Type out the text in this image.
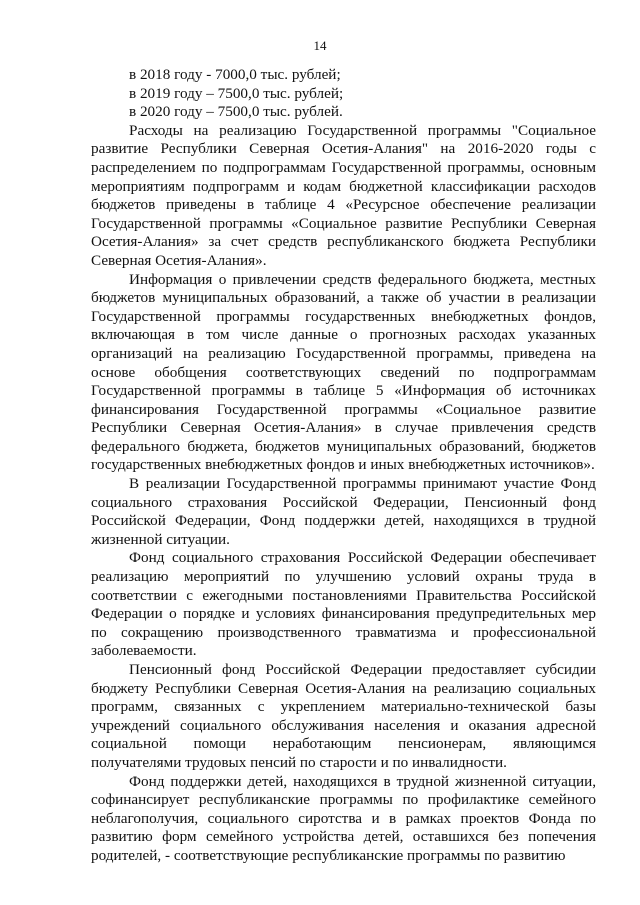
14

в 2018 году - 7000,0 тыс. рублей;

в 2019 году – 7500,0 тыс. рублей;

в 2020 году – 7500,0 тыс. рублей.

Расходы на реализацию Государственной программы "Социальное развитие Республики Северная Осетия-Алания" на 2016-2020 годы с распределением по подпрограммам Государственной программы, основным мероприятиям подпрограмм и кодам бюджетной классификации расходов бюджетов приведены в таблице 4 «Ресурсное обеспечение реализации Государственной программы «Социальное развитие Республики Северная Осетия-Алания» за счет средств республиканского бюджета Республики Северная Осетия-Алания».

Информация о привлечении средств федерального бюджета, местных бюджетов муниципальных образований, а также об участии в реализации Государственной программы государственных внебюджетных фондов, включающая в том числе данные о прогнозных расходах указанных организаций на реализацию Государственной программы, приведена на основе обобщения соответствующих сведений по подпрограммам Государственной программы в таблице 5 «Информация об источниках финансирования Государственной программы «Социальное развитие Республики Северная Осетия-Алания» в случае привлечения средств федерального бюджета, бюджетов муниципальных образований, бюджетов государственных внебюджетных фондов и иных внебюджетных источников».

В реализации Государственной программы принимают участие Фонд социального страхования Российской Федерации, Пенсионный фонд Российской Федерации, Фонд поддержки детей, находящихся в трудной жизненной ситуации.

Фонд социального страхования Российской Федерации обеспечивает реализацию мероприятий по улучшению условий охраны труда в соответствии с ежегодными постановлениями Правительства Российской Федерации о порядке и условиях финансирования предупредительных мер по сокращению производственного травматизма и профессиональной заболеваемости.

Пенсионный фонд Российской Федерации предоставляет субсидии бюджету Республики Северная Осетия-Алания на реализацию социальных программ, связанных с укреплением материально-технической базы учреждений социального обслуживания населения и оказания адресной социальной помощи неработающим пенсионерам, являющимся получателями трудовых пенсий по старости и по инвалидности.

Фонд поддержки детей, находящихся в трудной жизненной ситуации, софинансирует республиканские программы по профилактике семейного неблагополучия, социального сиротства и в рамках проектов Фонда по развитию форм семейного устройства детей, оставшихся без попечения родителей, - соответствующие республиканские программы по развитию
